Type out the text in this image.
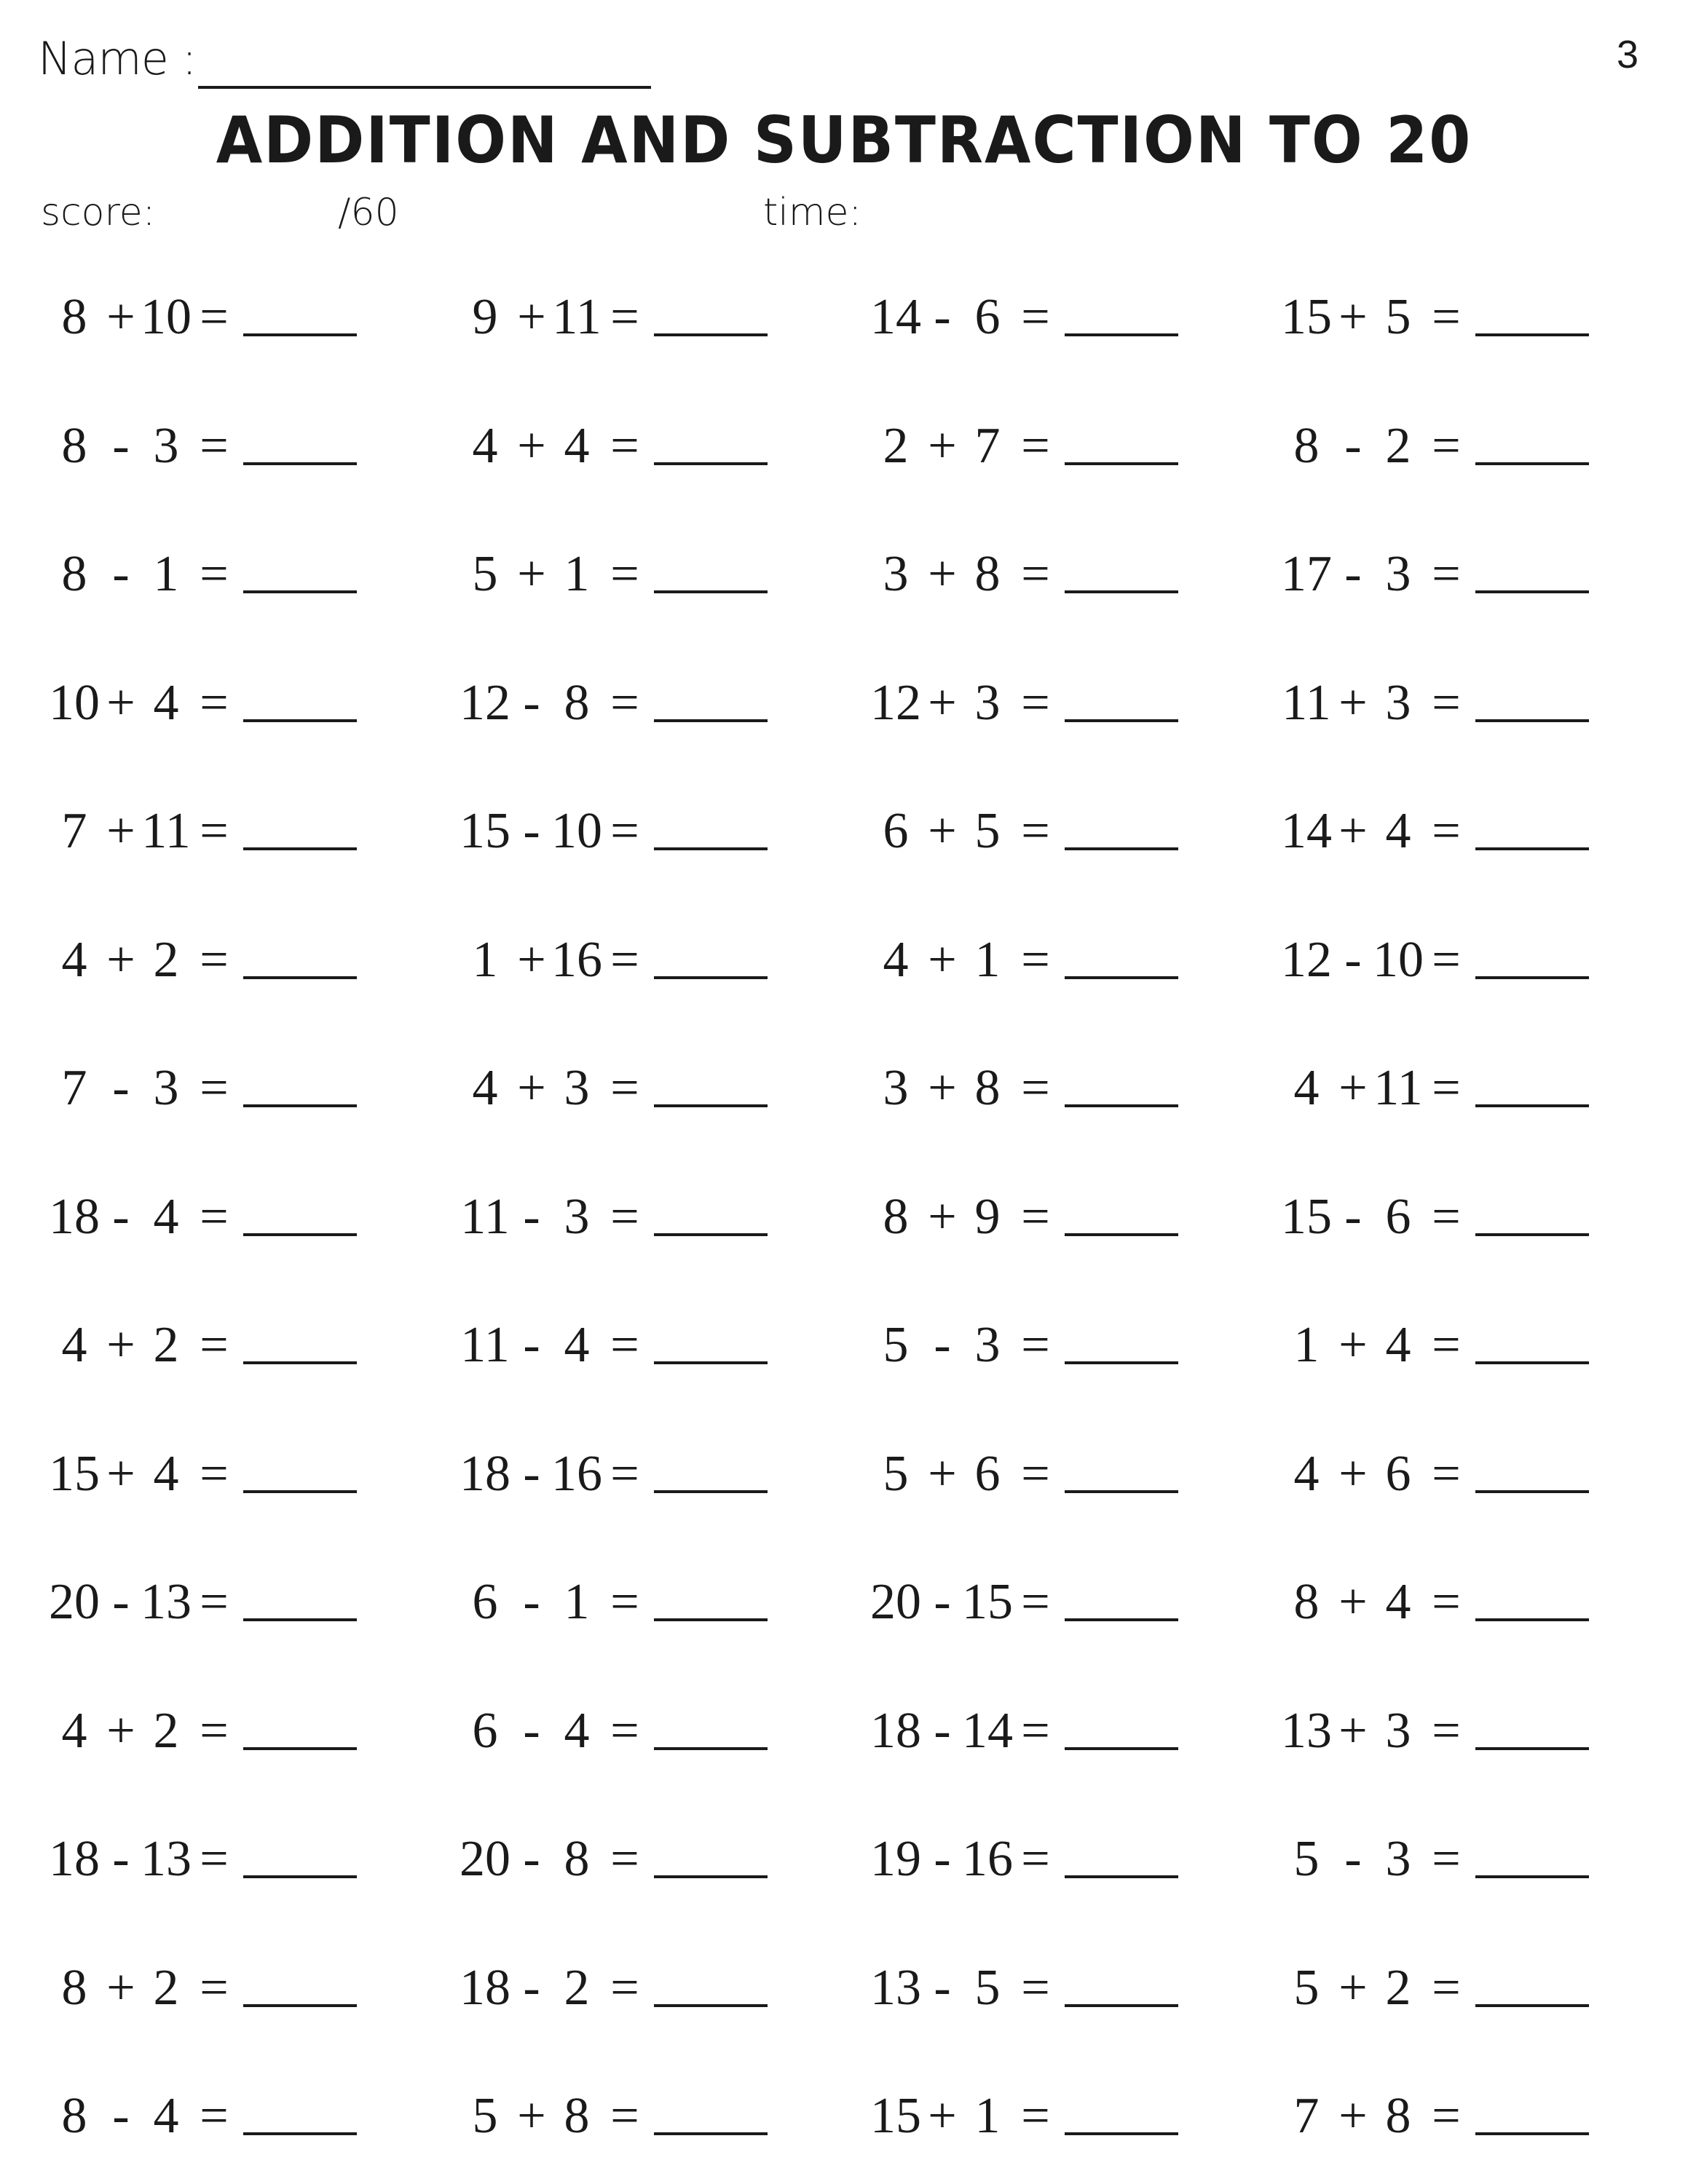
Name :	3
ADDITION AND SUBTRACTION TO 20
score:	/60	time:
8 + 10 =	9 + 11 =	14 - 6 =	15 + 5 =
8 - 3 =	4 + 4 =	2 + 7 =	8 - 2 =
8 - 1 =	5 + 1 =	3 + 8 =	17 - 3 =
10 + 4 =	12 - 8 =	12 + 3 =	11 + 3 =
7 + 11 =	15 - 10 =	6 + 5 =	14 + 4 =
4 + 2 =	1 + 16 =	4 + 1 =	12 - 10 =
7 - 3 =	4 + 3 =	3 + 8 =	4 + 11 =
18 - 4 =	11 - 3 =	8 + 9 =	15 - 6 =
4 + 2 =	11 - 4 =	5 - 3 =	1 + 4 =
15 + 4 =	18 - 16 =	5 + 6 =	4 + 6 =
20 - 13 =	6 - 1 =	20 - 15 =	8 + 4 =
4 + 2 =	6 - 4 =	18 - 14 =	13 + 3 =
18 - 13 =	20 - 8 =	19 - 16 =	5 - 3 =
8 + 2 =	18 - 2 =	13 - 5 =	5 + 2 =
8 - 4 =	5 + 8 =	15 + 1 =	7 + 8 =
